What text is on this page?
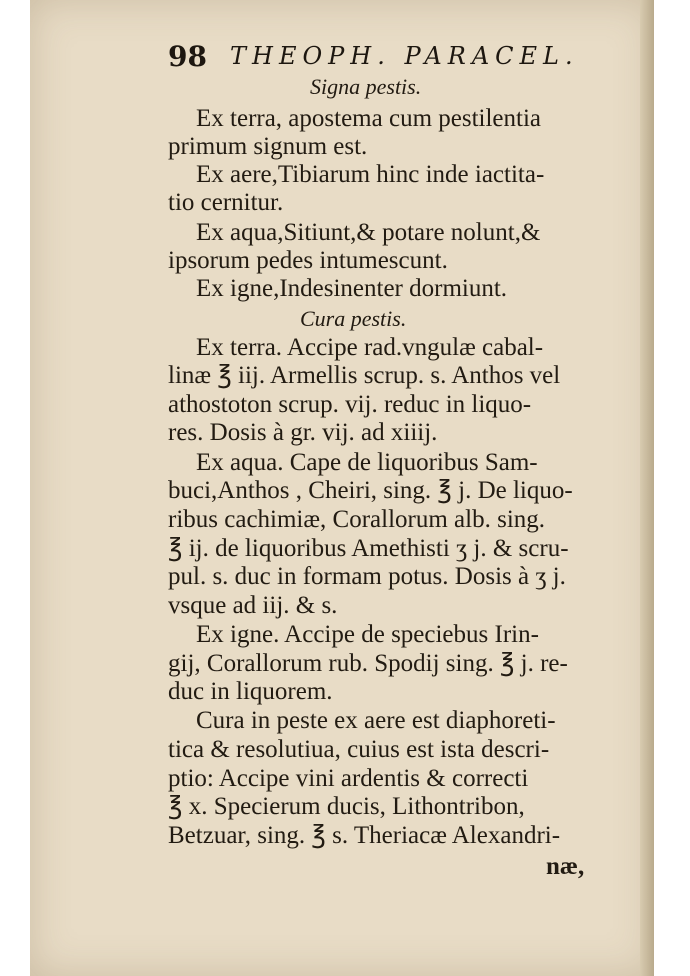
98 THEOPH. PARACEL.
Signa pestis.
Ex terra, apostema cum pestilentia
primum signum est.
Ex aere,Tibiarum hinc inde iactita-
tio cernitur.
Ex aqua,Sitiunt,& potare nolunt,&
ipsorum pedes intumescunt.
Ex igne,Indesinenter dormiunt.
Cura pestis.
Ex terra. Accipe rad.vngulæ cabal-
linæ ℥ iij. Armellis scrup. s. Anthos vel
athostoton scrup. vij. reduc in liquo-
res. Dosis à gr. vij. ad xiiij.
Ex aqua. Cape de liquoribus Sam-
buci,Anthos , Cheiri, sing. ℥ j. De liquo-
ribus cachimiæ, Corallorum alb. sing.
℥ ij. de liquoribus Amethisti ʒ j. & scru-
pul. s. duc in formam potus. Dosis à ʒ j.
vsque ad iij. & s.
Ex igne. Accipe de speciebus Irin-
gij, Corallorum rub. Spodij sing. ℥ j. re-
duc in liquorem.
Cura in peste ex aere est diaphoreti-
tica & resolutiua, cuius est ista descri-
ptio: Accipe vini ardentis & correcti
℥ x. Specierum ducis, Lithontribon,
Betzuar, sing. ℥ s. Theriacæ Alexandri-
næ,
